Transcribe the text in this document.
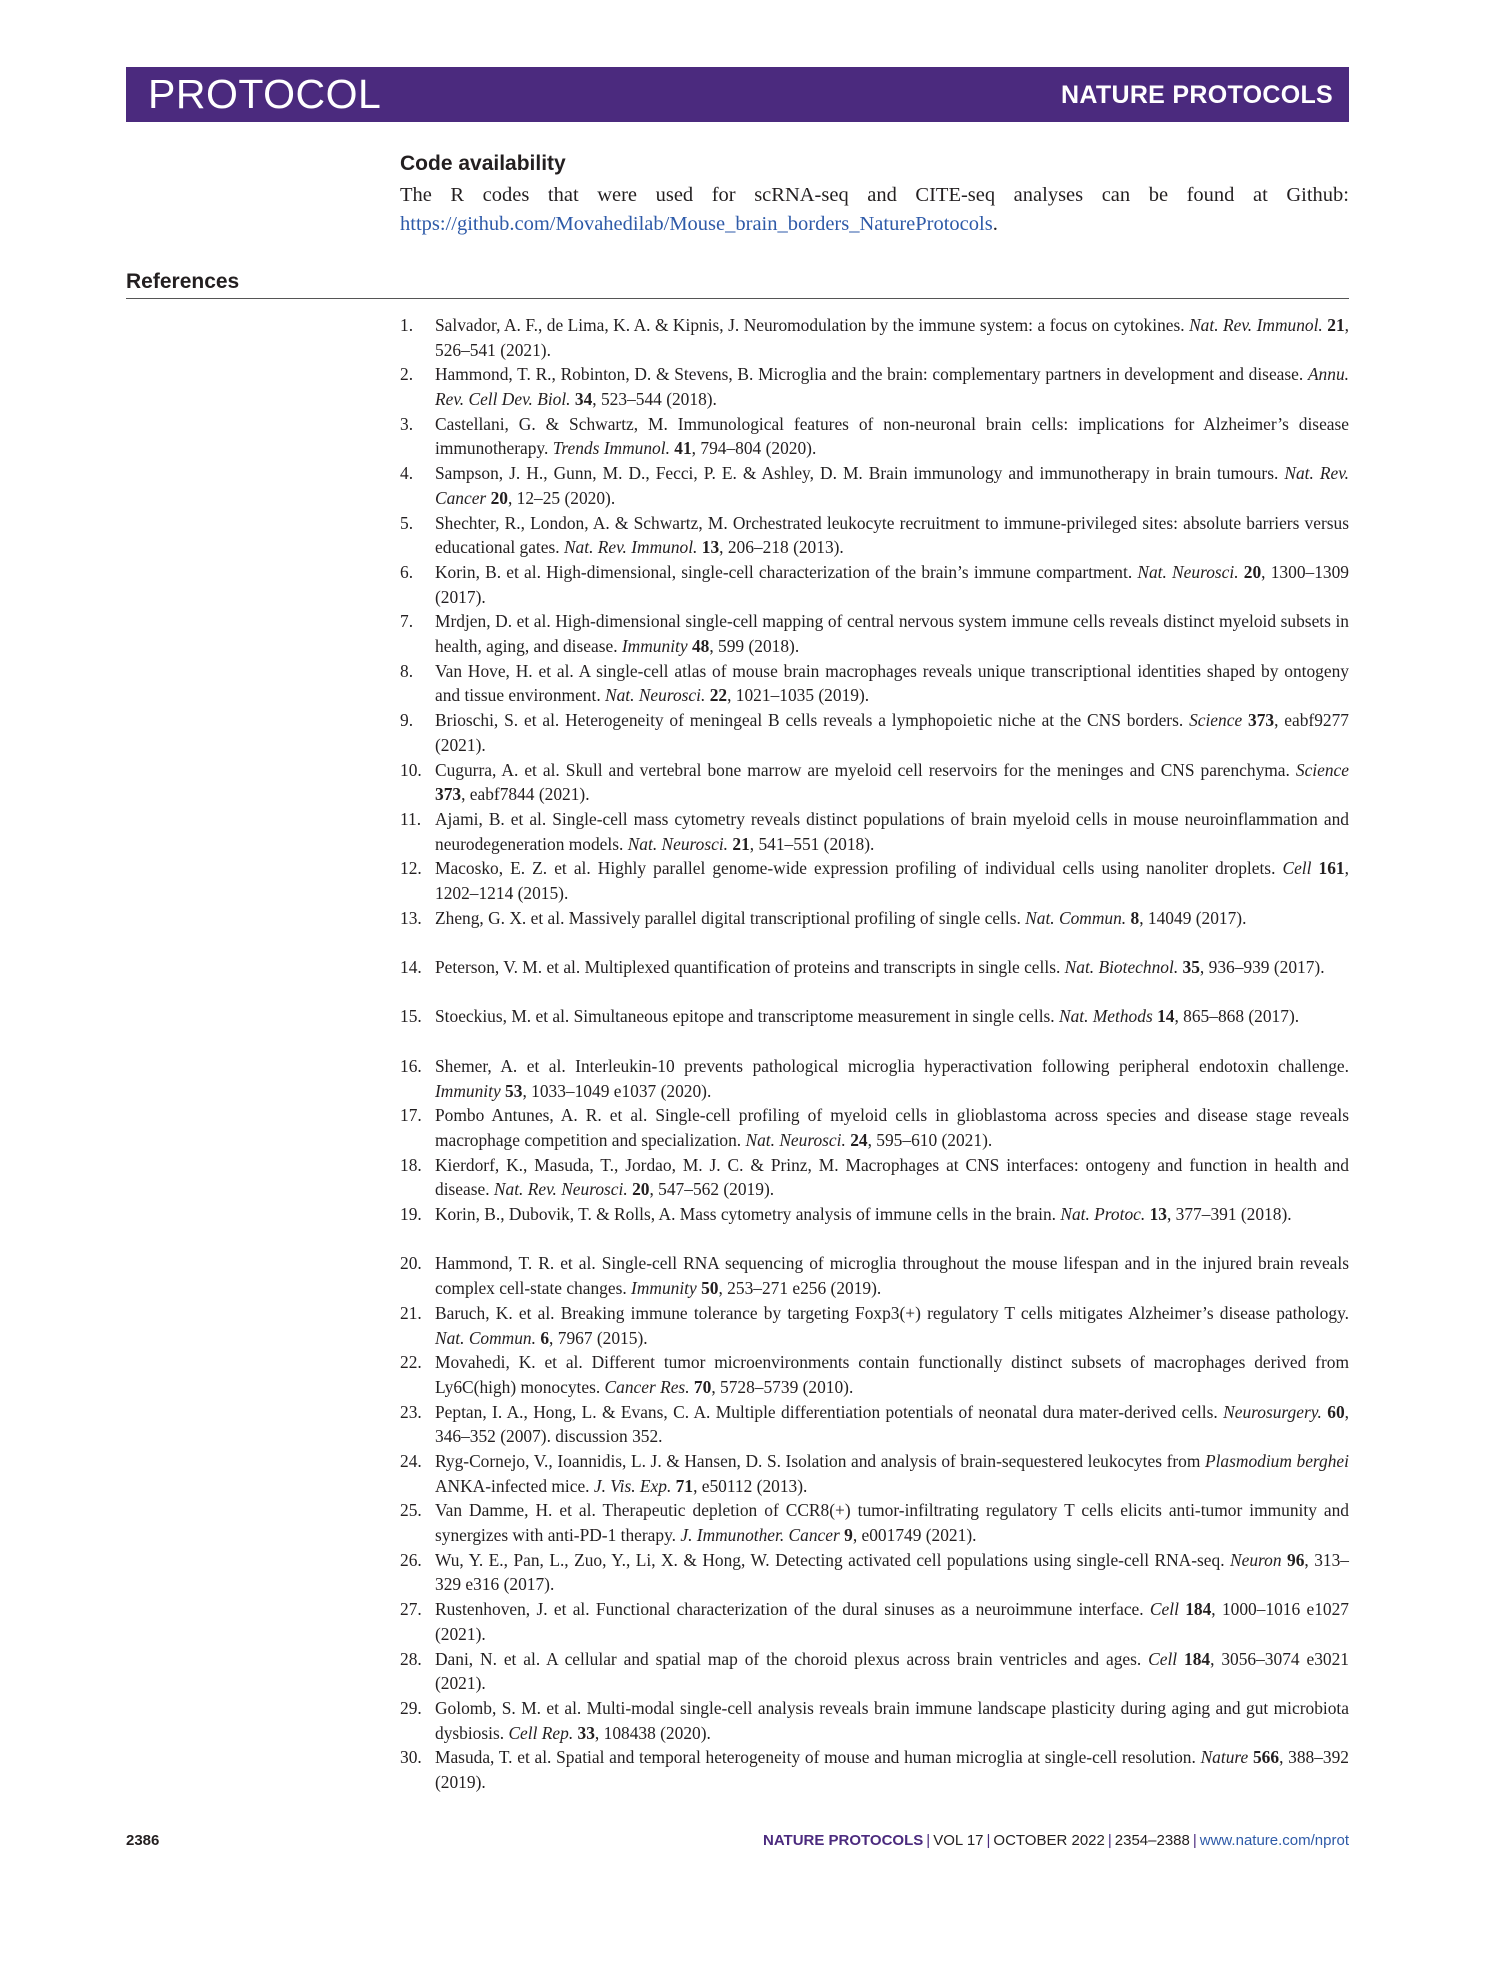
PROTOCOL	NATURE PROTOCOLS
Code availability
The R codes that were used for scRNA-seq and CITE-seq analyses can be found at Github: https://github.com/Movahedilab/Mouse_brain_borders_NatureProtocols.
References
1.	Salvador, A. F., de Lima, K. A. & Kipnis, J. Neuromodulation by the immune system: a focus on cytokines. Nat. Rev. Immunol. 21, 526–541 (2021).
2.	Hammond, T. R., Robinton, D. & Stevens, B. Microglia and the brain: complementary partners in development and disease. Annu. Rev. Cell Dev. Biol. 34, 523–544 (2018).
3.	Castellani, G. & Schwartz, M. Immunological features of non-neuronal brain cells: implications for Alzheimer’s disease immunotherapy. Trends Immunol. 41, 794–804 (2020).
4.	Sampson, J. H., Gunn, M. D., Fecci, P. E. & Ashley, D. M. Brain immunology and immunotherapy in brain tumours. Nat. Rev. Cancer 20, 12–25 (2020).
5.	Shechter, R., London, A. & Schwartz, M. Orchestrated leukocyte recruitment to immune-privileged sites: absolute barriers versus educational gates. Nat. Rev. Immunol. 13, 206–218 (2013).
6.	Korin, B. et al. High-dimensional, single-cell characterization of the brain’s immune compartment. Nat. Neurosci. 20, 1300–1309 (2017).
7.	Mrdjen, D. et al. High-dimensional single-cell mapping of central nervous system immune cells reveals distinct myeloid subsets in health, aging, and disease. Immunity 48, 599 (2018).
8.	Van Hove, H. et al. A single-cell atlas of mouse brain macrophages reveals unique transcriptional identities shaped by ontogeny and tissue environment. Nat. Neurosci. 22, 1021–1035 (2019).
9.	Brioschi, S. et al. Heterogeneity of meningeal B cells reveals a lymphopoietic niche at the CNS borders. Science 373, eabf9277 (2021).
10. Cugurra, A. et al. Skull and vertebral bone marrow are myeloid cell reservoirs for the meninges and CNS parenchyma. Science 373, eabf7844 (2021).
11. Ajami, B. et al. Single-cell mass cytometry reveals distinct populations of brain myeloid cells in mouse neuroinflammation and neurodegeneration models. Nat. Neurosci. 21, 541–551 (2018).
12. Macosko, E. Z. et al. Highly parallel genome-wide expression profiling of individual cells using nanoliter droplets. Cell 161, 1202–1214 (2015).
13. Zheng, G. X. et al. Massively parallel digital transcriptional profiling of single cells. Nat. Commun. 8, 14049 (2017).
14. Peterson, V. M. et al. Multiplexed quantification of proteins and transcripts in single cells. Nat. Biotechnol. 35, 936–939 (2017).
15. Stoeckius, M. et al. Simultaneous epitope and transcriptome measurement in single cells. Nat. Methods 14, 865–868 (2017).
16. Shemer, A. et al. Interleukin-10 prevents pathological microglia hyperactivation following peripheral endotoxin challenge. Immunity 53, 1033–1049 e1037 (2020).
17. Pombo Antunes, A. R. et al. Single-cell profiling of myeloid cells in glioblastoma across species and disease stage reveals macrophage competition and specialization. Nat. Neurosci. 24, 595–610 (2021).
18. Kierdorf, K., Masuda, T., Jordao, M. J. C. & Prinz, M. Macrophages at CNS interfaces: ontogeny and function in health and disease. Nat. Rev. Neurosci. 20, 547–562 (2019).
19. Korin, B., Dubovik, T. & Rolls, A. Mass cytometry analysis of immune cells in the brain. Nat. Protoc. 13, 377–391 (2018).
20. Hammond, T. R. et al. Single-cell RNA sequencing of microglia throughout the mouse lifespan and in the injured brain reveals complex cell-state changes. Immunity 50, 253–271 e256 (2019).
21. Baruch, K. et al. Breaking immune tolerance by targeting Foxp3(+) regulatory T cells mitigates Alzheimer’s disease pathology. Nat. Commun. 6, 7967 (2015).
22. Movahedi, K. et al. Different tumor microenvironments contain functionally distinct subsets of macrophages derived from Ly6C(high) monocytes. Cancer Res. 70, 5728–5739 (2010).
23. Peptan, I. A., Hong, L. & Evans, C. A. Multiple differentiation potentials of neonatal dura mater-derived cells. Neurosurgery. 60, 346–352 (2007). discussion 352.
24. Ryg-Cornejo, V., Ioannidis, L. J. & Hansen, D. S. Isolation and analysis of brain-sequestered leukocytes from Plasmodium berghei ANKA-infected mice. J. Vis. Exp. 71, e50112 (2013).
25. Van Damme, H. et al. Therapeutic depletion of CCR8(+) tumor-infiltrating regulatory T cells elicits anti-tumor immunity and synergizes with anti-PD-1 therapy. J. Immunother. Cancer 9, e001749 (2021).
26. Wu, Y. E., Pan, L., Zuo, Y., Li, X. & Hong, W. Detecting activated cell populations using single-cell RNA-seq. Neuron 96, 313–329 e316 (2017).
27. Rustenhoven, J. et al. Functional characterization of the dural sinuses as a neuroimmune interface. Cell 184, 1000–1016 e1027 (2021).
28. Dani, N. et al. A cellular and spatial map of the choroid plexus across brain ventricles and ages. Cell 184, 3056–3074 e3021 (2021).
29. Golomb, S. M. et al. Multi-modal single-cell analysis reveals brain immune landscape plasticity during aging and gut microbiota dysbiosis. Cell Rep. 33, 108438 (2020).
30. Masuda, T. et al. Spatial and temporal heterogeneity of mouse and human microglia at single-cell resolution. Nature 566, 388–392 (2019).
2386	NATURE PROTOCOLS | VOL 17 | OCTOBER 2022 | 2354–2388 | www.nature.com/nprot
